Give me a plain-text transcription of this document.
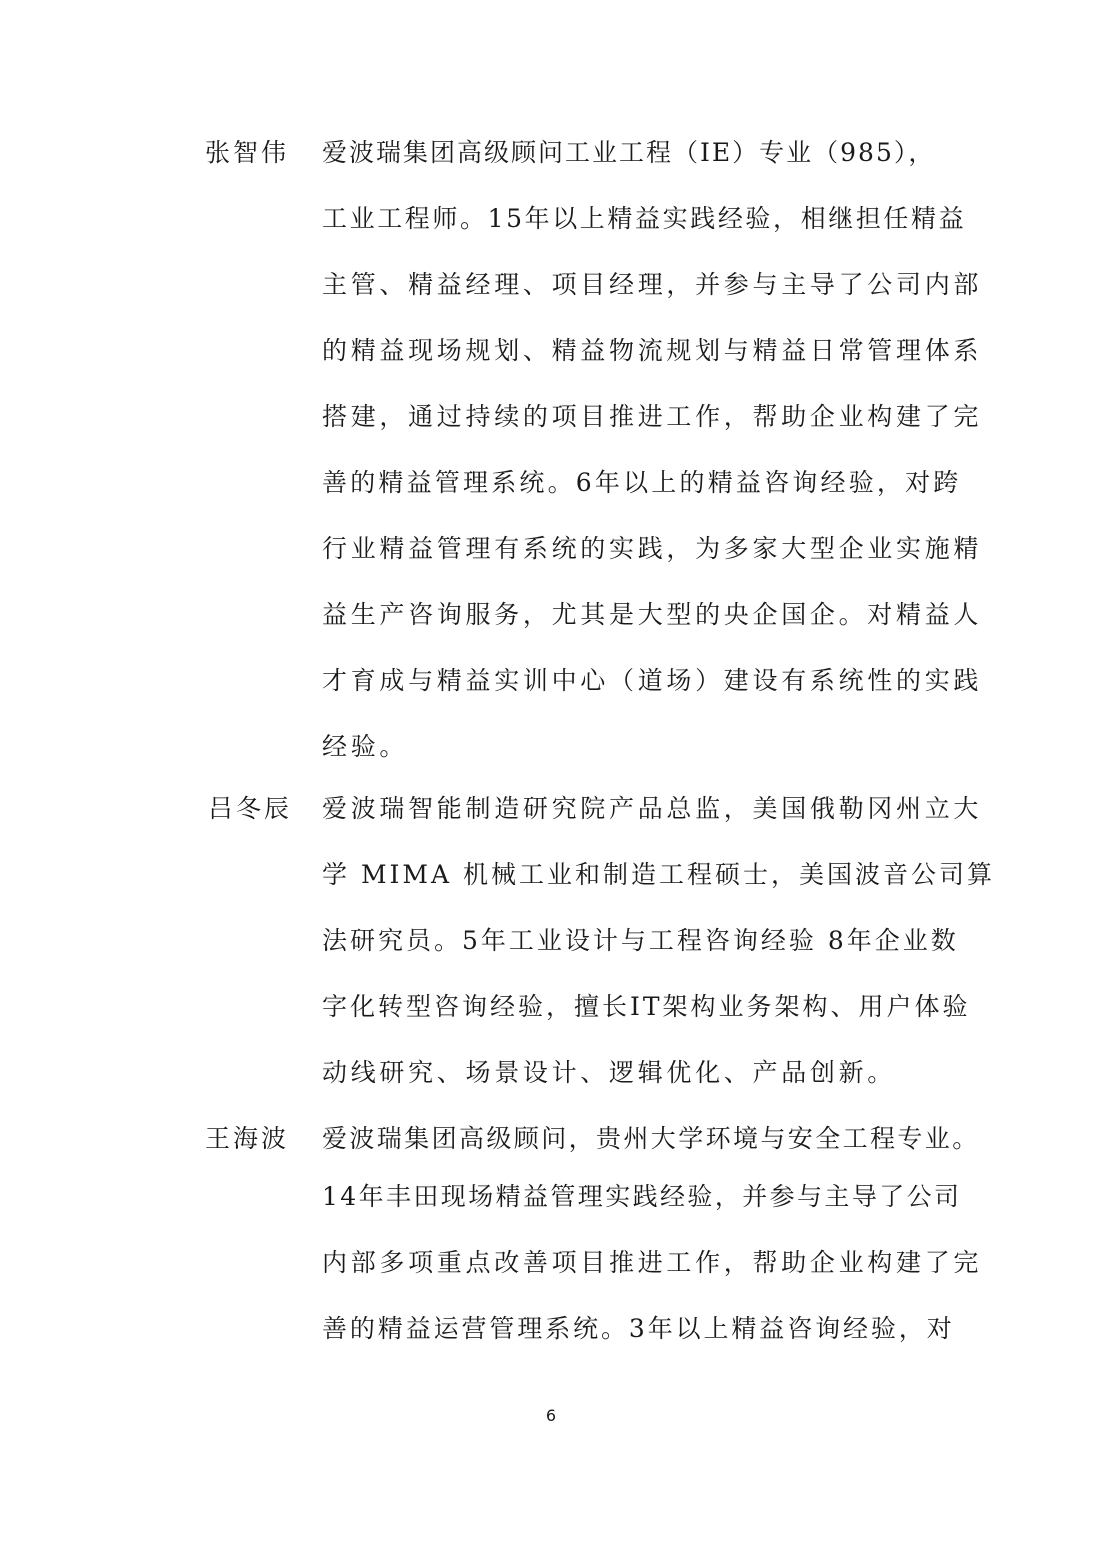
张智伟 爱波瑞集团高级顾问工业工程（IE）专业（985），
工业工程师。15年以上精益实践经验，相继担任精益
主管、精益经理、项目经理，并参与主导了公司内部
的精益现场规划、精益物流规划与精益日常管理体系
搭建，通过持续的项目推进工作，帮助企业构建了完
善的精益管理系统。6年以上的精益咨询经验，对跨
行业精益管理有系统的实践，为多家大型企业实施精
益生产咨询服务，尤其是大型的央企国企。对精益人
才育成与精益实训中心（道场）建设有系统性的实践
经验。
吕冬辰 爱波瑞智能制造研究院产品总监，美国俄勒冈州立大
学 MIMA 机械工业和制造工程硕士，美国波音公司算
法研究员。5年工业设计与工程咨询经验 8年企业数
字化转型咨询经验，擅长IT架构业务架构、用户体验
动线研究、场景设计、逻辑优化、产品创新。
王海波 爱波瑞集团高级顾问，贵州大学环境与安全工程专业。
14年丰田现场精益管理实践经验，并参与主导了公司
内部多项重点改善项目推进工作，帮助企业构建了完
善的精益运营管理系统。3年以上精益咨询经验，对
6
